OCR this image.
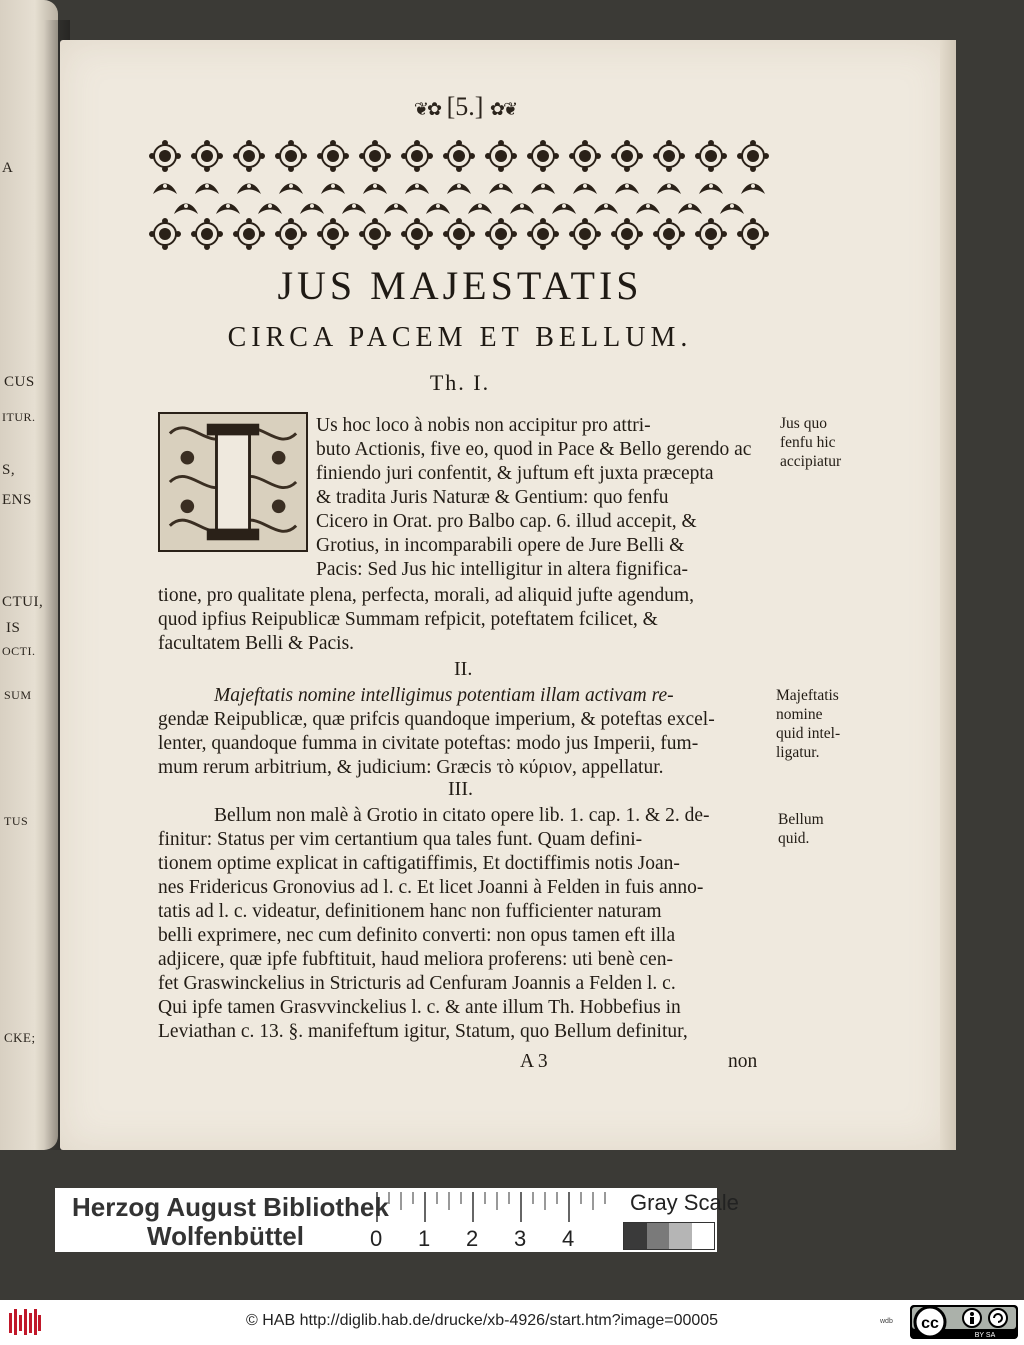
A
CUS
ITUR.
S,
ENS
CTUI,
IS
OCTI.
SUM
TUS
CKE;
❦✿ [5.] ✿❦
JUS MAJESTATIS
CIRCA PACEM ET BELLUM.
Th. I.
Us hoc loco à nobis non accipitur pro attri-
buto Actionis, five eo, quod in Pace & Bello gerendo ac
finiendo juri confentit, & juftum eft juxta præcepta
& tradita Juris Naturæ & Gentium: quo fenfu
Cicero in Orat. pro Balbo cap. 6. illud accepit, &
Grotius, in incomparabili opere de Jure Belli &
Pacis: Sed Jus hic intelligitur in altera fignifica-
tione, pro qualitate plena, perfecta, morali, ad aliquid jufte agendum,
quod ipfius Reipublicæ Summam refpicit, poteftatem fcilicet, &
facultatem Belli & Pacis.
Jus quo
fenfu hic
accipiatur
II.
Majeftatis nomine intelligimus potentiam illam activam re-
gendæ Reipublicæ, quæ prifcis quandoque imperium, & poteftas excel-
lenter, quandoque fumma in civitate poteftas: modo jus Imperii, fum-
mum rerum arbitrium, & judicium: Græcis τὸ κύριον, appellatur.
Majeftatis
nomine
quid intel-
ligatur.
III.
Bellum non malè à Grotio in citato opere lib. 1. cap. 1. & 2. de-
finitur: Status per vim certantium qua tales funt. Quam defini-
tionem optime explicat in caftigatiffimis, Et doctiffimis notis Joan-
nes Fridericus Gronovius ad l. c. Et licet Joanni à Felden in fuis anno-
tatis ad l. c. videatur, definitionem hanc non fufficienter naturam
belli exprimere, nec cum definito converti: non opus tamen eft illa
adjicere, quæ ipfe fubftituit, haud meliora proferens: uti benè cen-
fet Graswinckelius in Stricturis ad Cenfuram Joannis a Felden l. c.
Qui ipfe tamen Grasvvinckelius l. c. & ante illum Th. Hobbefius in
Leviathan c. 13. §. manifeftum igitur, Statum, quo Bellum definitur,
Bellum
quid.
A 3	non
Herzog August Bibliothek
Wolfenbüttel	0 1 2 3 4
Gray Scale
© HAB http://diglib.hab.de/drucke/xb-4926/start.htm?image=00005	wdb cc
BY SA
